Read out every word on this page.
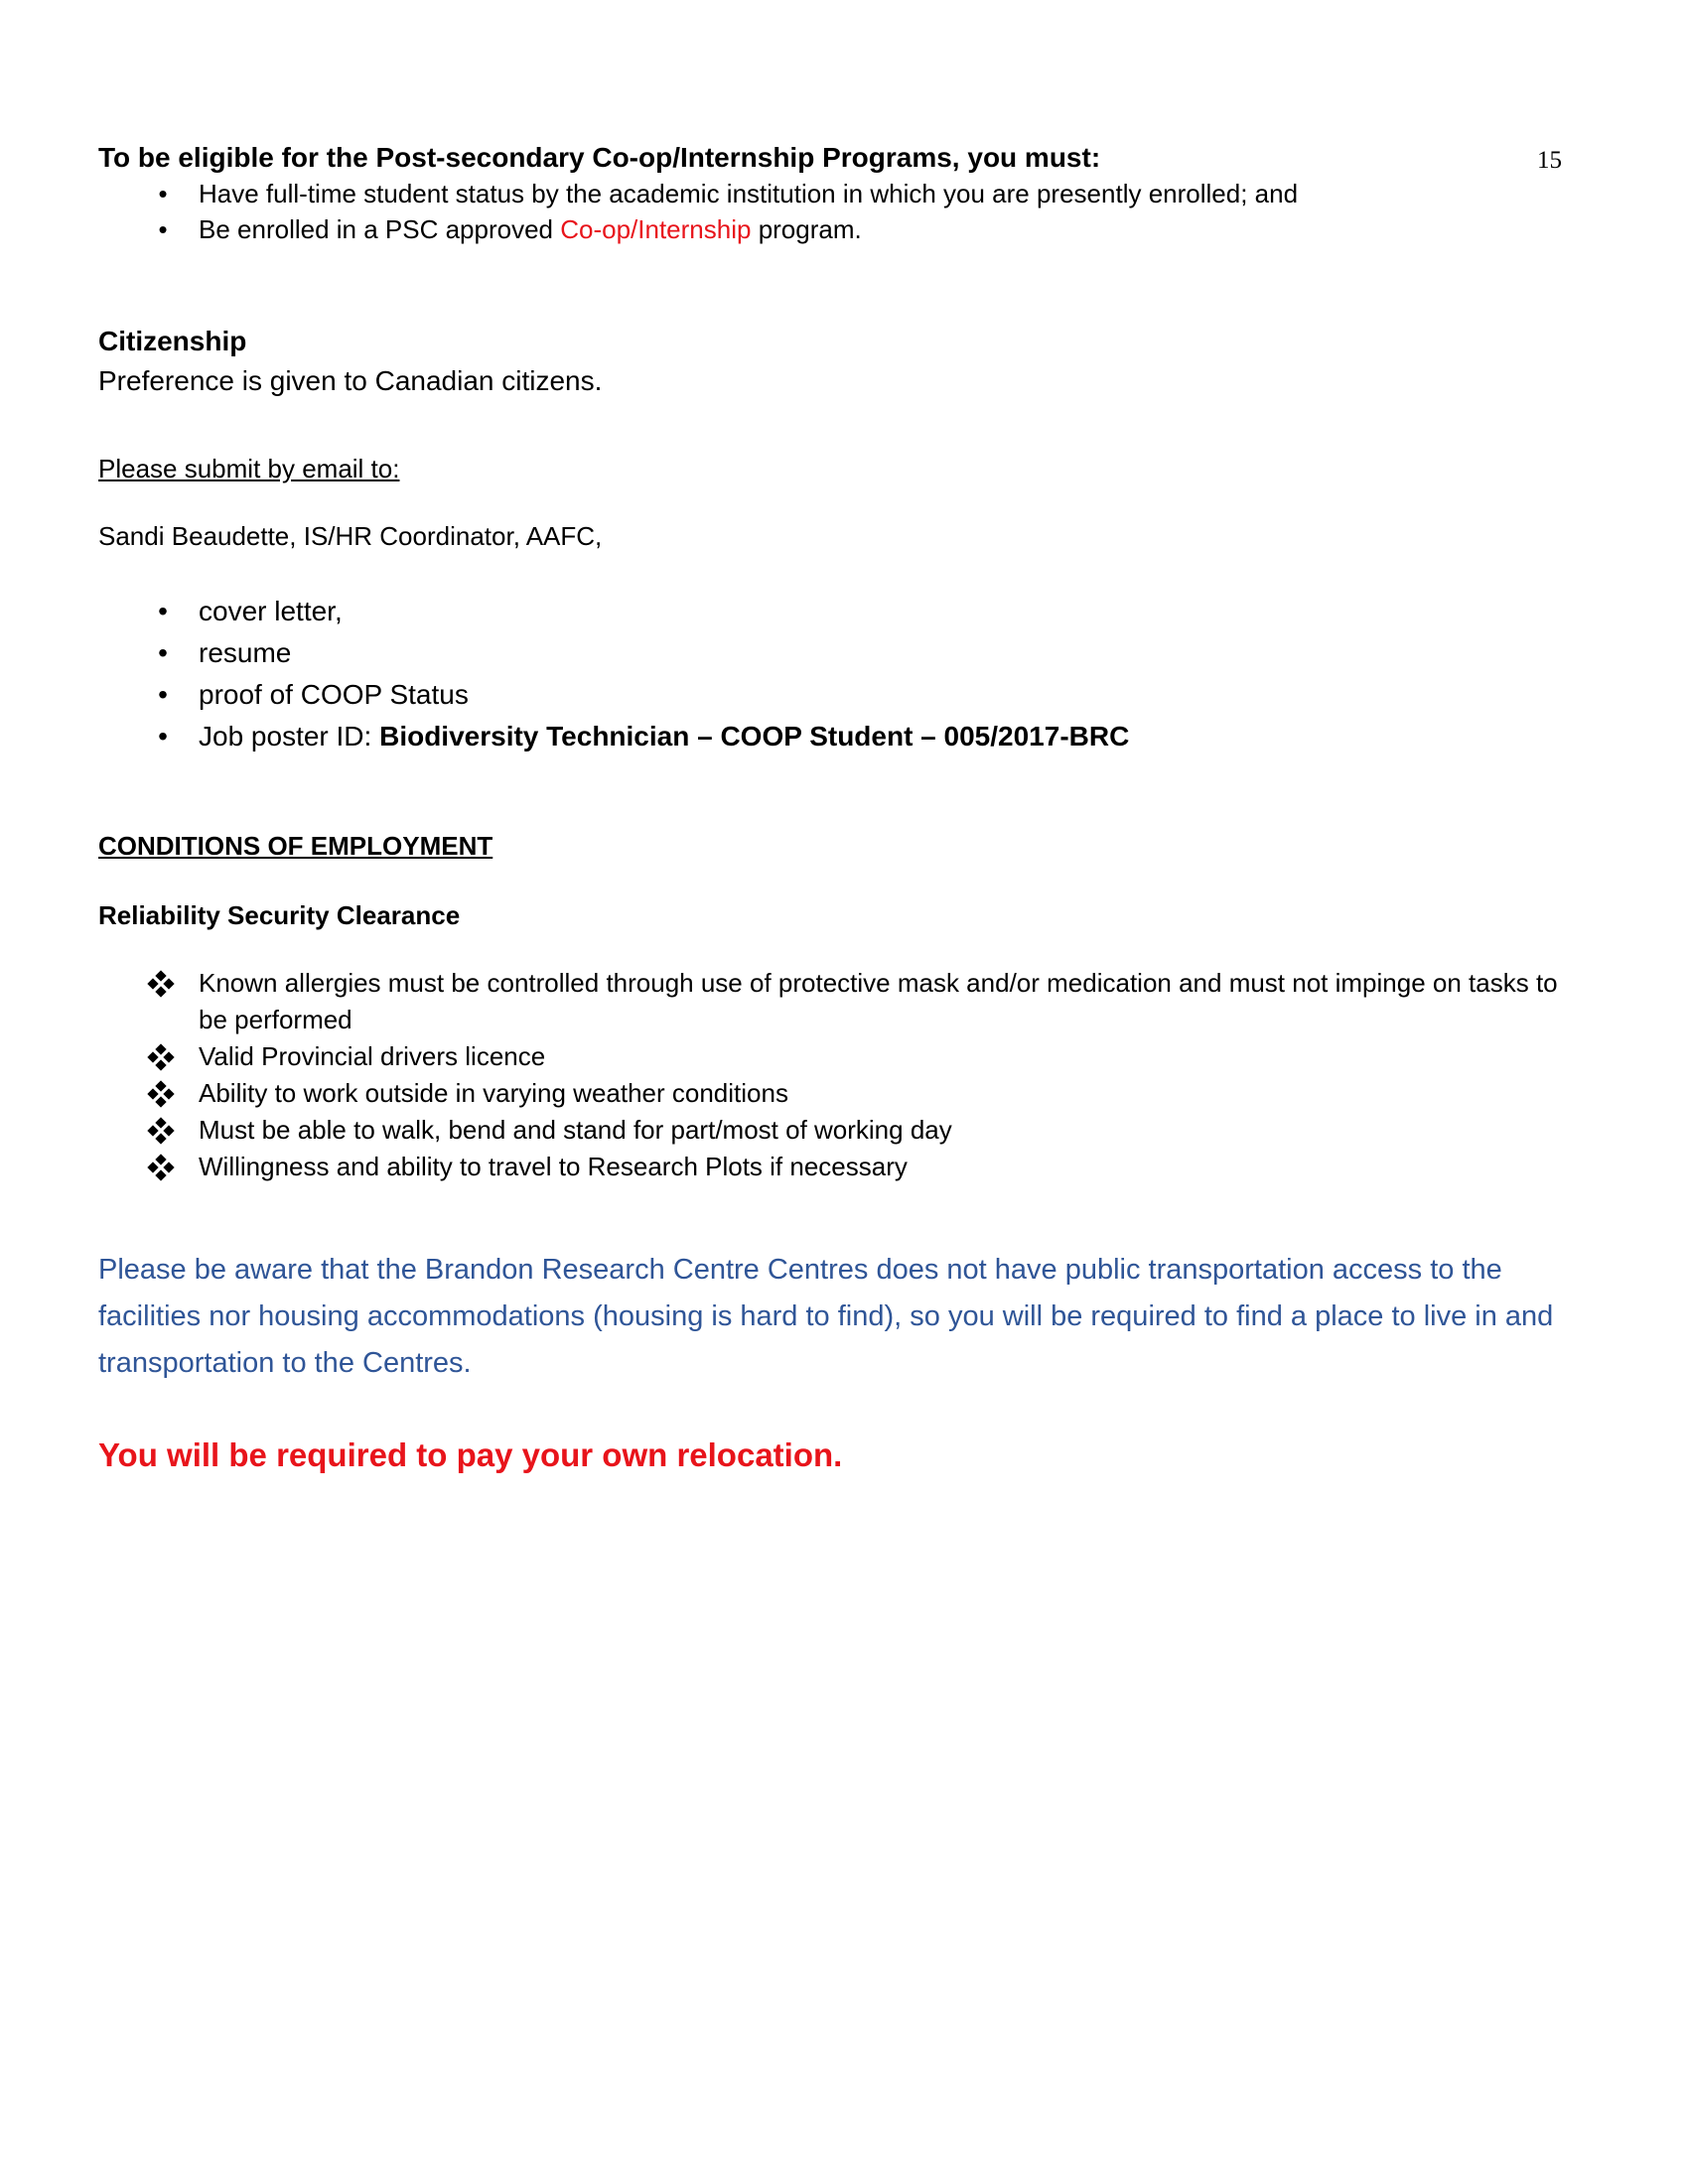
15
To be eligible for the Post-secondary Co-op/Internship Programs, you must:
•	Have full-time student status by the academic institution in which you are presently enrolled; and
•	Be enrolled in a PSC approved Co-op/Internship program.
Citizenship
Preference is given to Canadian citizens.
Please submit by email to:
Sandi Beaudette, IS/HR Coordinator, AAFC,
•	cover letter,
•	resume
•	proof of COOP Status
•	Job poster ID: Biodiversity Technician – COOP Student – 005/2017-BRC
CONDITIONS OF EMPLOYMENT
Reliability Security Clearance
Known allergies must be controlled through use of protective mask and/or medication and must not impinge on tasks to be performed
Valid Provincial drivers licence
Ability to work outside in varying weather conditions
Must be able to walk, bend and stand for part/most of working day
Willingness and ability to travel to Research Plots if necessary
Please be aware that the Brandon Research Centre Centres does not have public transportation access to the facilities nor housing accommodations (housing is hard to find), so you will be required to find a place to live in and transportation to the Centres.
You will be required to pay your own relocation.
